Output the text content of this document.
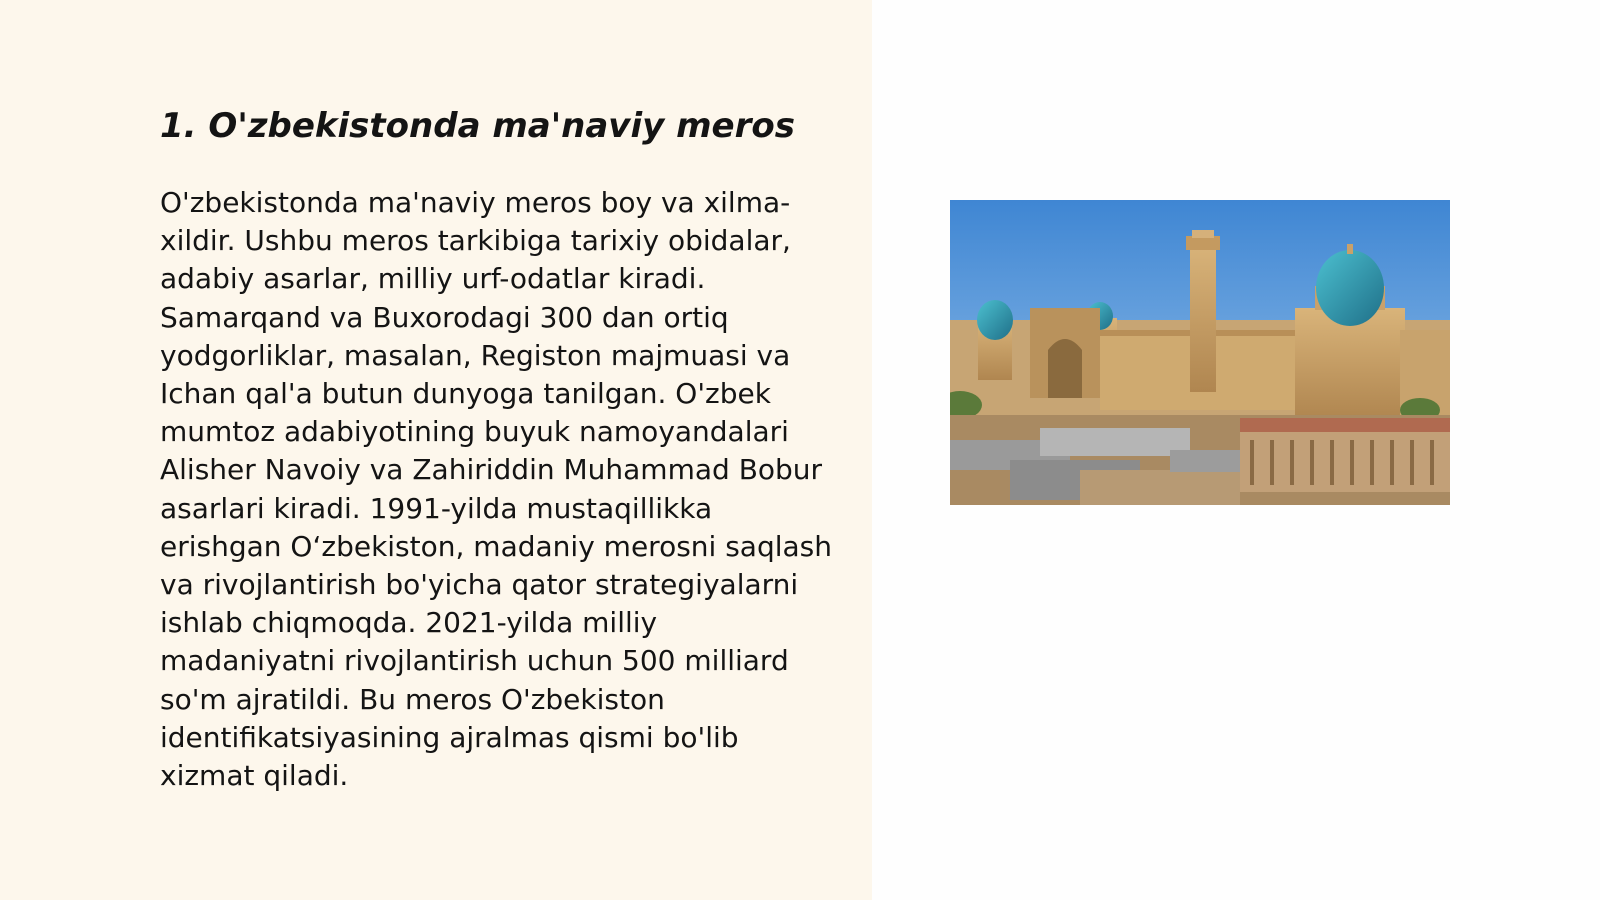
1. O'zbekistonda ma'naviy meros

O'zbekistonda ma'naviy meros boy va xilma-xildir. Ushbu meros tarkibiga tarixiy obidalar, adabiy asarlar, milliy urf-odatlar kiradi. Samarqand va Buxorodagi 300 dan ortiq yodgorliklar, masalan, Registon majmuasi va Ichan qal'a butun dunyoga tanilgan. O'zbek mumtoz adabiyotining buyuk namoyandalari Alisher Navoiy va Zahiriddin Muhammad Bobur asarlari kiradi. 1991-yilda mustaqillikka erishgan O‘zbekiston, madaniy merosni saqlash va rivojlantirish bo'yicha qator strategiyalarni ishlab chiqmoqda. 2021-yilda milliy madaniyatni rivojlantirish uchun 500 milliard so'm ajratildi. Bu meros O'zbekiston identifikatsiyasining ajralmas qismi bo'lib xizmat qiladi.
